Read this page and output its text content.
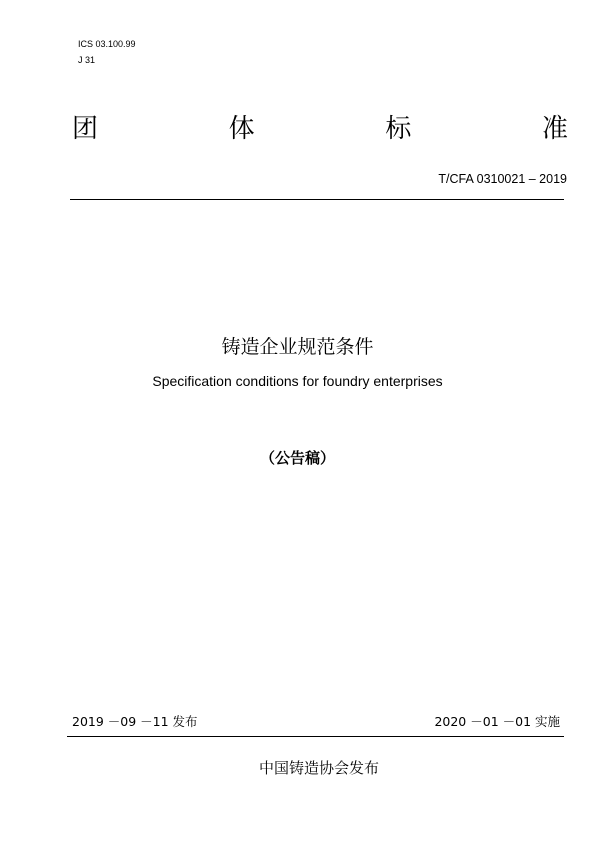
ICS 03.100.99
J 31
团	体	标	准
T/CFA 0310021 – 2019
铸造企业规范条件
Specification conditions for foundry enterprises
（公告稿）
2019 －09 －11 发布	2020 －01 －01 实施
中国铸造协会发布
